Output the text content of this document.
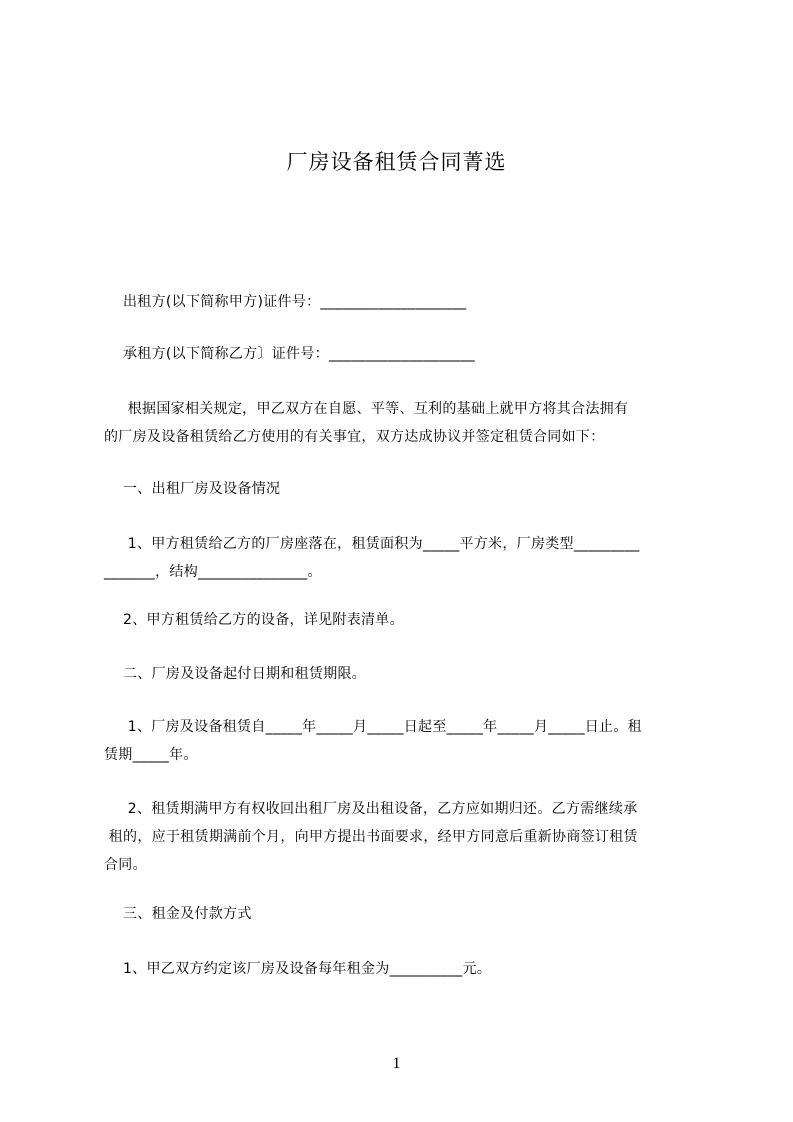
厂房设备租赁合同菁选
出租方(以下简称甲方)证件号：____________________
承租方(以下简称乙方〕证件号：____________________
根据国家相关规定，甲乙双方在自愿、平等、互利的基础上就甲方将其合法拥有
的厂房及设备租赁给乙方使用的有关事宜，双方达成协议并签定租赁合同如下：
一、出租厂房及设备情况
1、甲方租赁给乙方的厂房座落在，租赁面积为_____平方米，厂房类型_________
_______，结构_______________。
2、甲方租赁给乙方的设备，详见附表清单。
二、厂房及设备起付日期和租赁期限。
1、厂房及设备租赁自_____年_____月_____日起至_____年_____月_____日止。租
赁期_____年。
2、租赁期满甲方有权收回出租厂房及出租设备，乙方应如期归还。乙方需继续承
租的，应于租赁期满前个月，向甲方提出书面要求，经甲方同意后重新协商签订租赁
合同。
三、租金及付款方式
1、甲乙双方约定该厂房及设备每年租金为__________元。
1
